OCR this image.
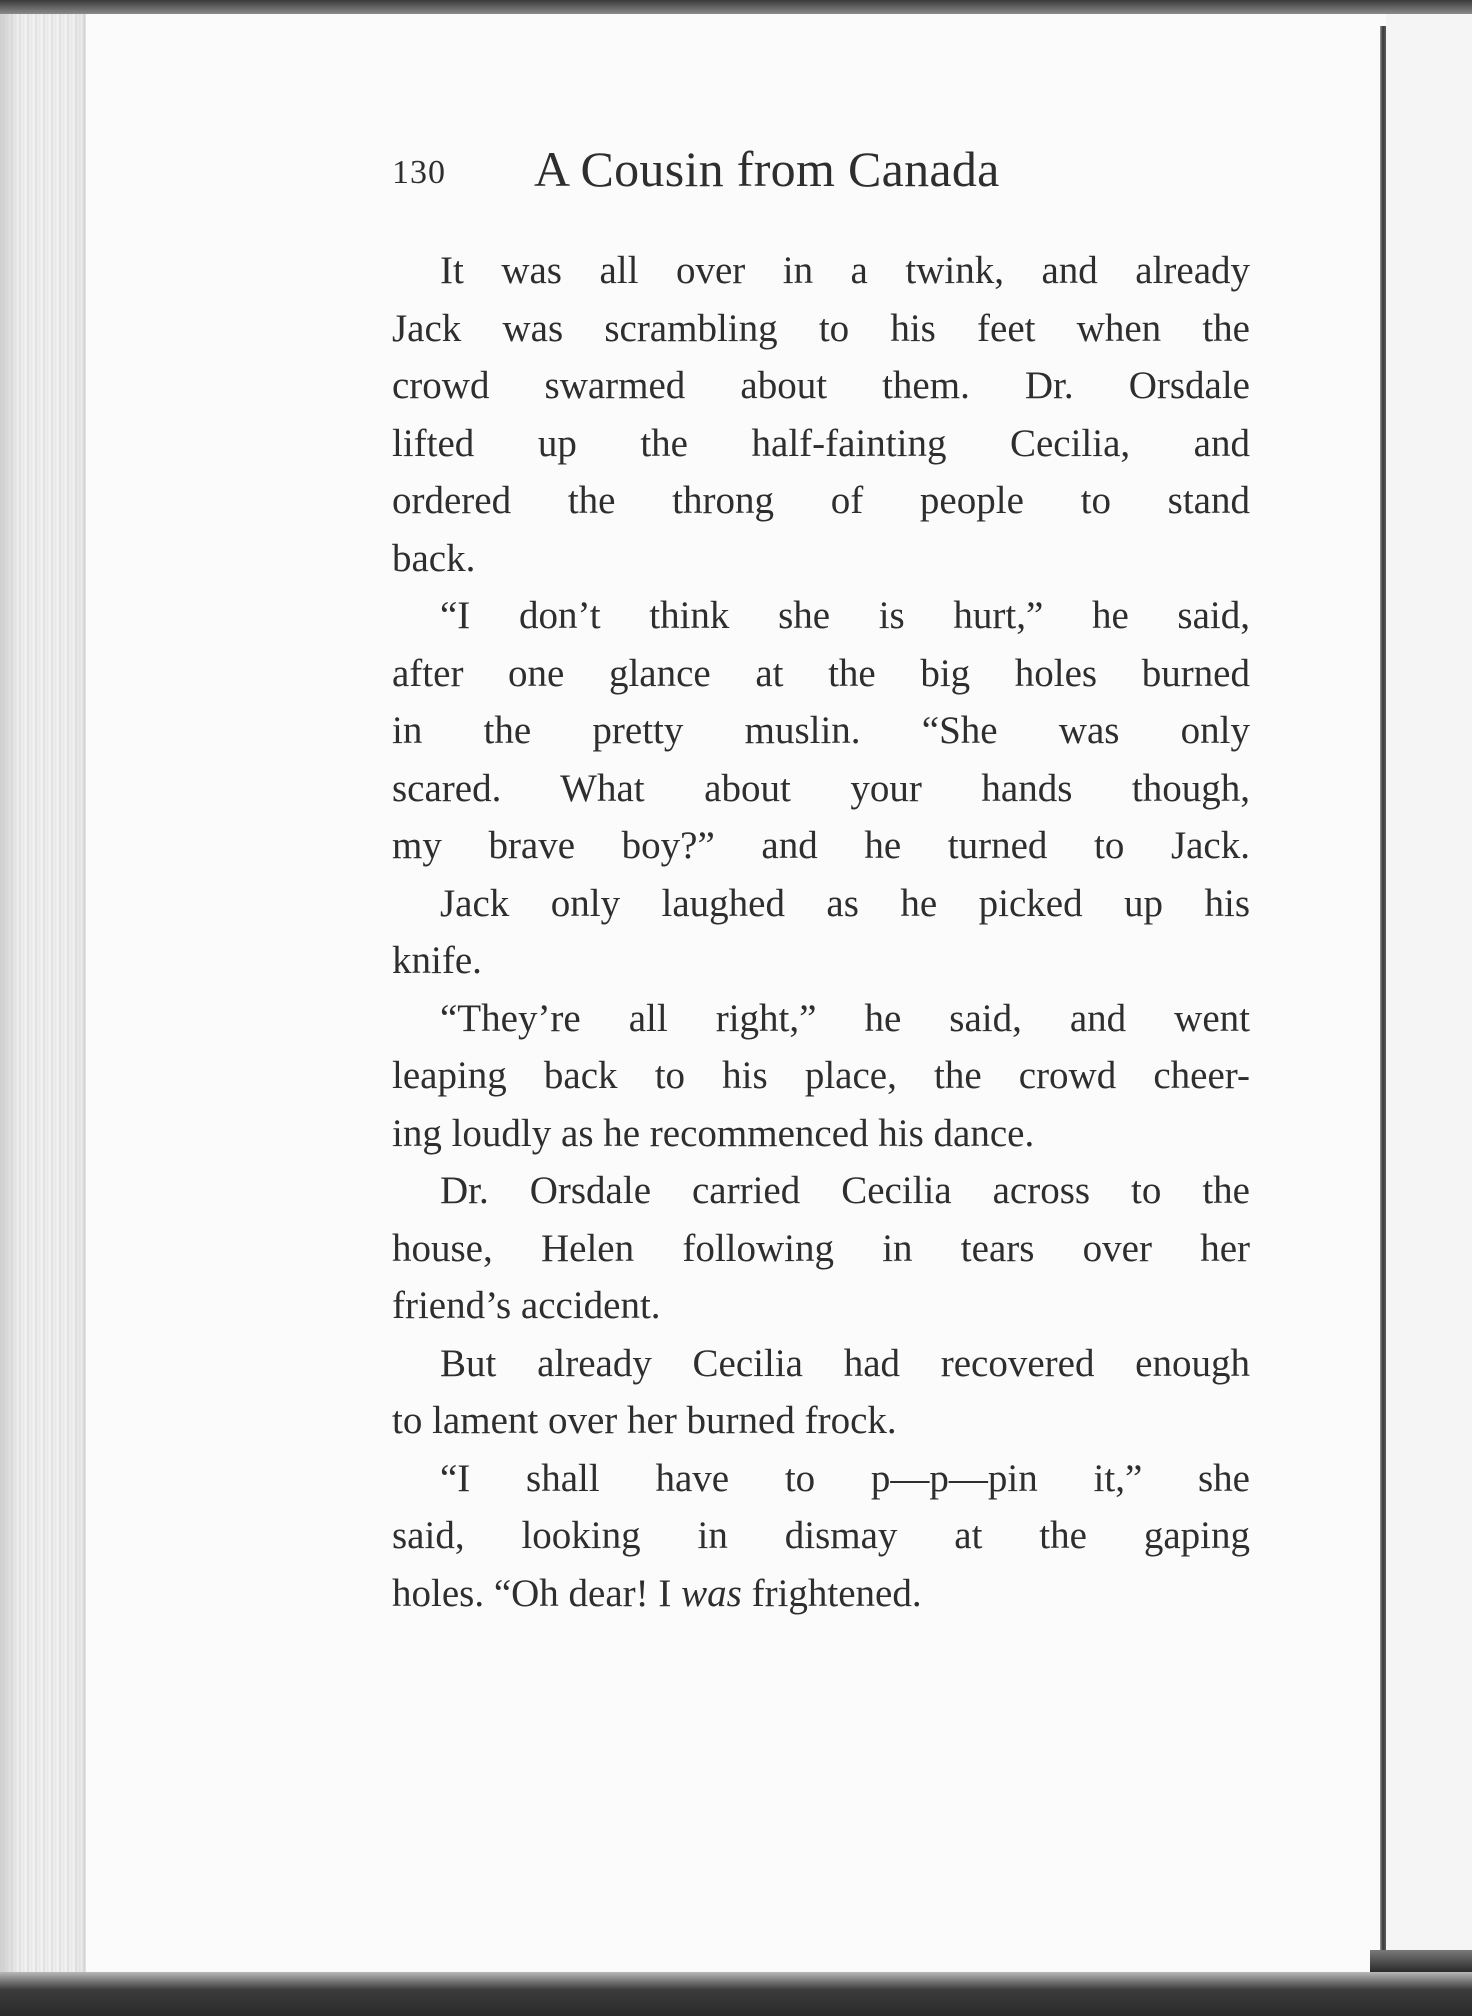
130 A Cousin from Canada

It was all over in a twink, and already
Jack was scrambling to his feet when the
crowd swarmed about them. Dr. Orsdale
lifted up the half-fainting Cecilia, and
ordered the throng of people to stand
back.

“I don’t think she is hurt,” he said,
after one glance at the big holes burned
in the pretty muslin. “She was only
scared. What about your hands though,
my brave boy?” and he turned to Jack.

Jack only laughed as he picked up his
knife.

“They’re all right,” he said, and went
leaping back to his place, the crowd cheer-
ing loudly as he recommenced his dance.

Dr. Orsdale carried Cecilia across to the
house, Helen following in tears over her
friend’s accident.

But already Cecilia had recovered enough
to lament over her burned frock.

“I shall have to p—p—pin it,” she
said, looking in dismay at the gaping
holes. “Oh dear! I was frightened.
